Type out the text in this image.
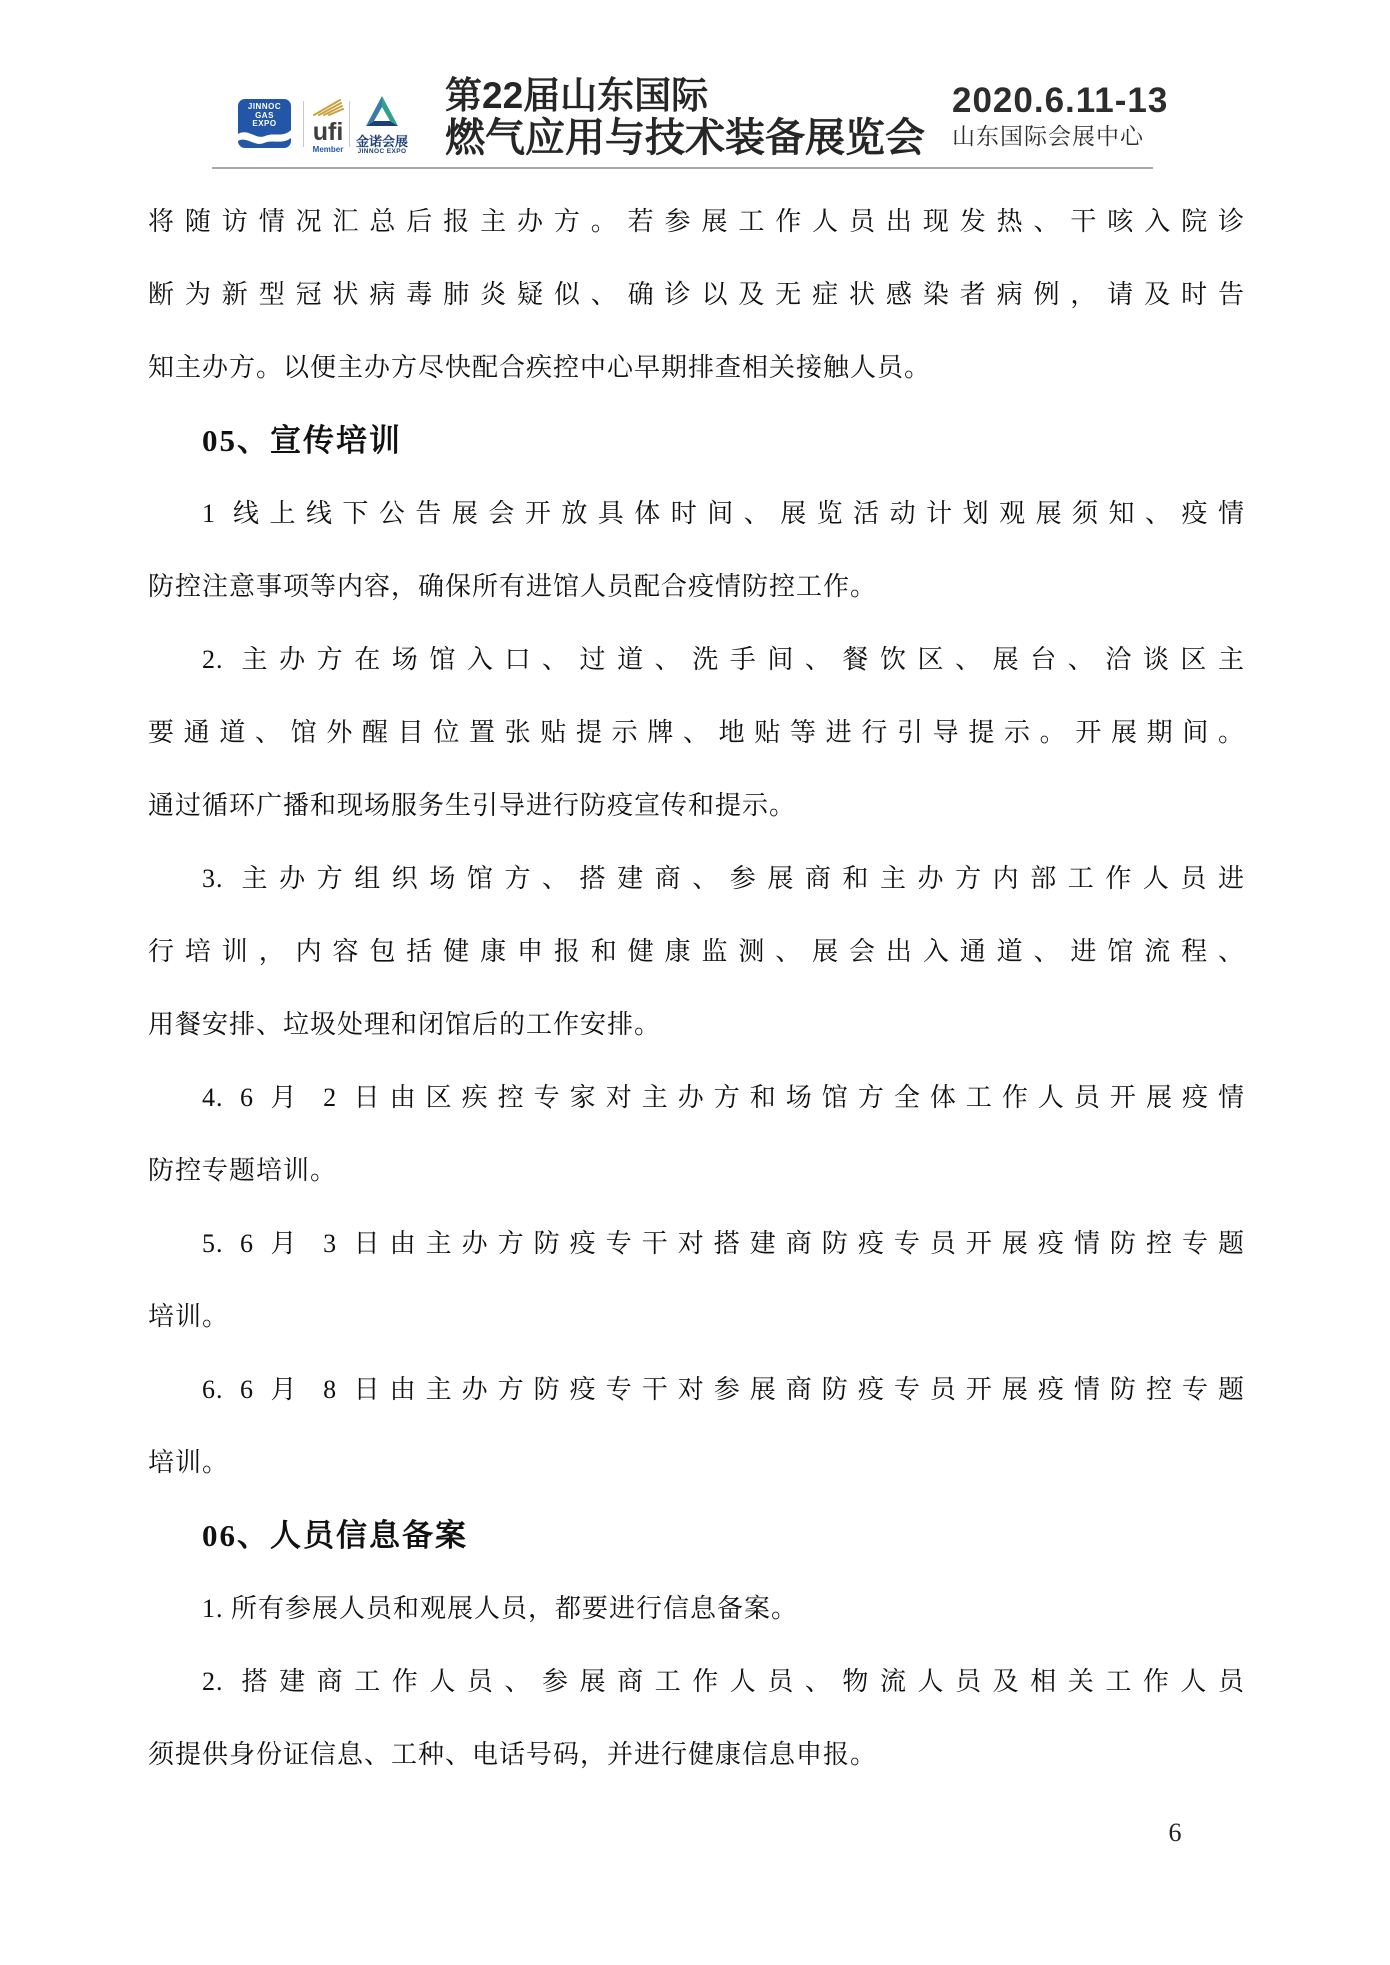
JINNOC
GAS
EXPO	ufi
Member
金诺会展
JINNOC EXPO
第22届山东国际
燃气应用与技术装备展览会
2020.6.11-13
山东国际会展中心
将随访情况汇总后报主办方。若参展工作人员出现发热、干咳入院诊
断为新型冠状病毒肺炎疑似、确诊以及无症状感染者病例，请及时告
知主办方。以便主办方尽快配合疾控中心早期排查相关接触人员。
05、宣传培训
1 线上线下公告展会开放具体时间、展览活动计划观展须知、疫情
防控注意事项等内容，确保所有进馆人员配合疫情防控工作。
2. 主办方在场馆入口、过道、洗手间、餐饮区、展台、洽谈区主
要通道、馆外醒目位置张贴提示牌、地贴等进行引导提示。开展期间。
通过循环广播和现场服务生引导进行防疫宣传和提示。
3. 主办方组织场馆方、搭建商、参展商和主办方内部工作人员进
行培训，内容包括健康申报和健康监测、展会出入通道、进馆流程、
用餐安排、垃圾处理和闭馆后的工作安排。
4. 6 月 2 日由区疾控专家对主办方和场馆方全体工作人员开展疫情
防控专题培训。
5. 6 月 3 日由主办方防疫专干对搭建商防疫专员开展疫情防控专题
培训。
6. 6 月 8 日由主办方防疫专干对参展商防疫专员开展疫情防控专题
培训。
06、人员信息备案
1. 所有参展人员和观展人员，都要进行信息备案。
2. 搭建商工作人员、参展商工作人员、物流人员及相关工作人员
须提供身份证信息、工种、电话号码，并进行健康信息申报。
6
